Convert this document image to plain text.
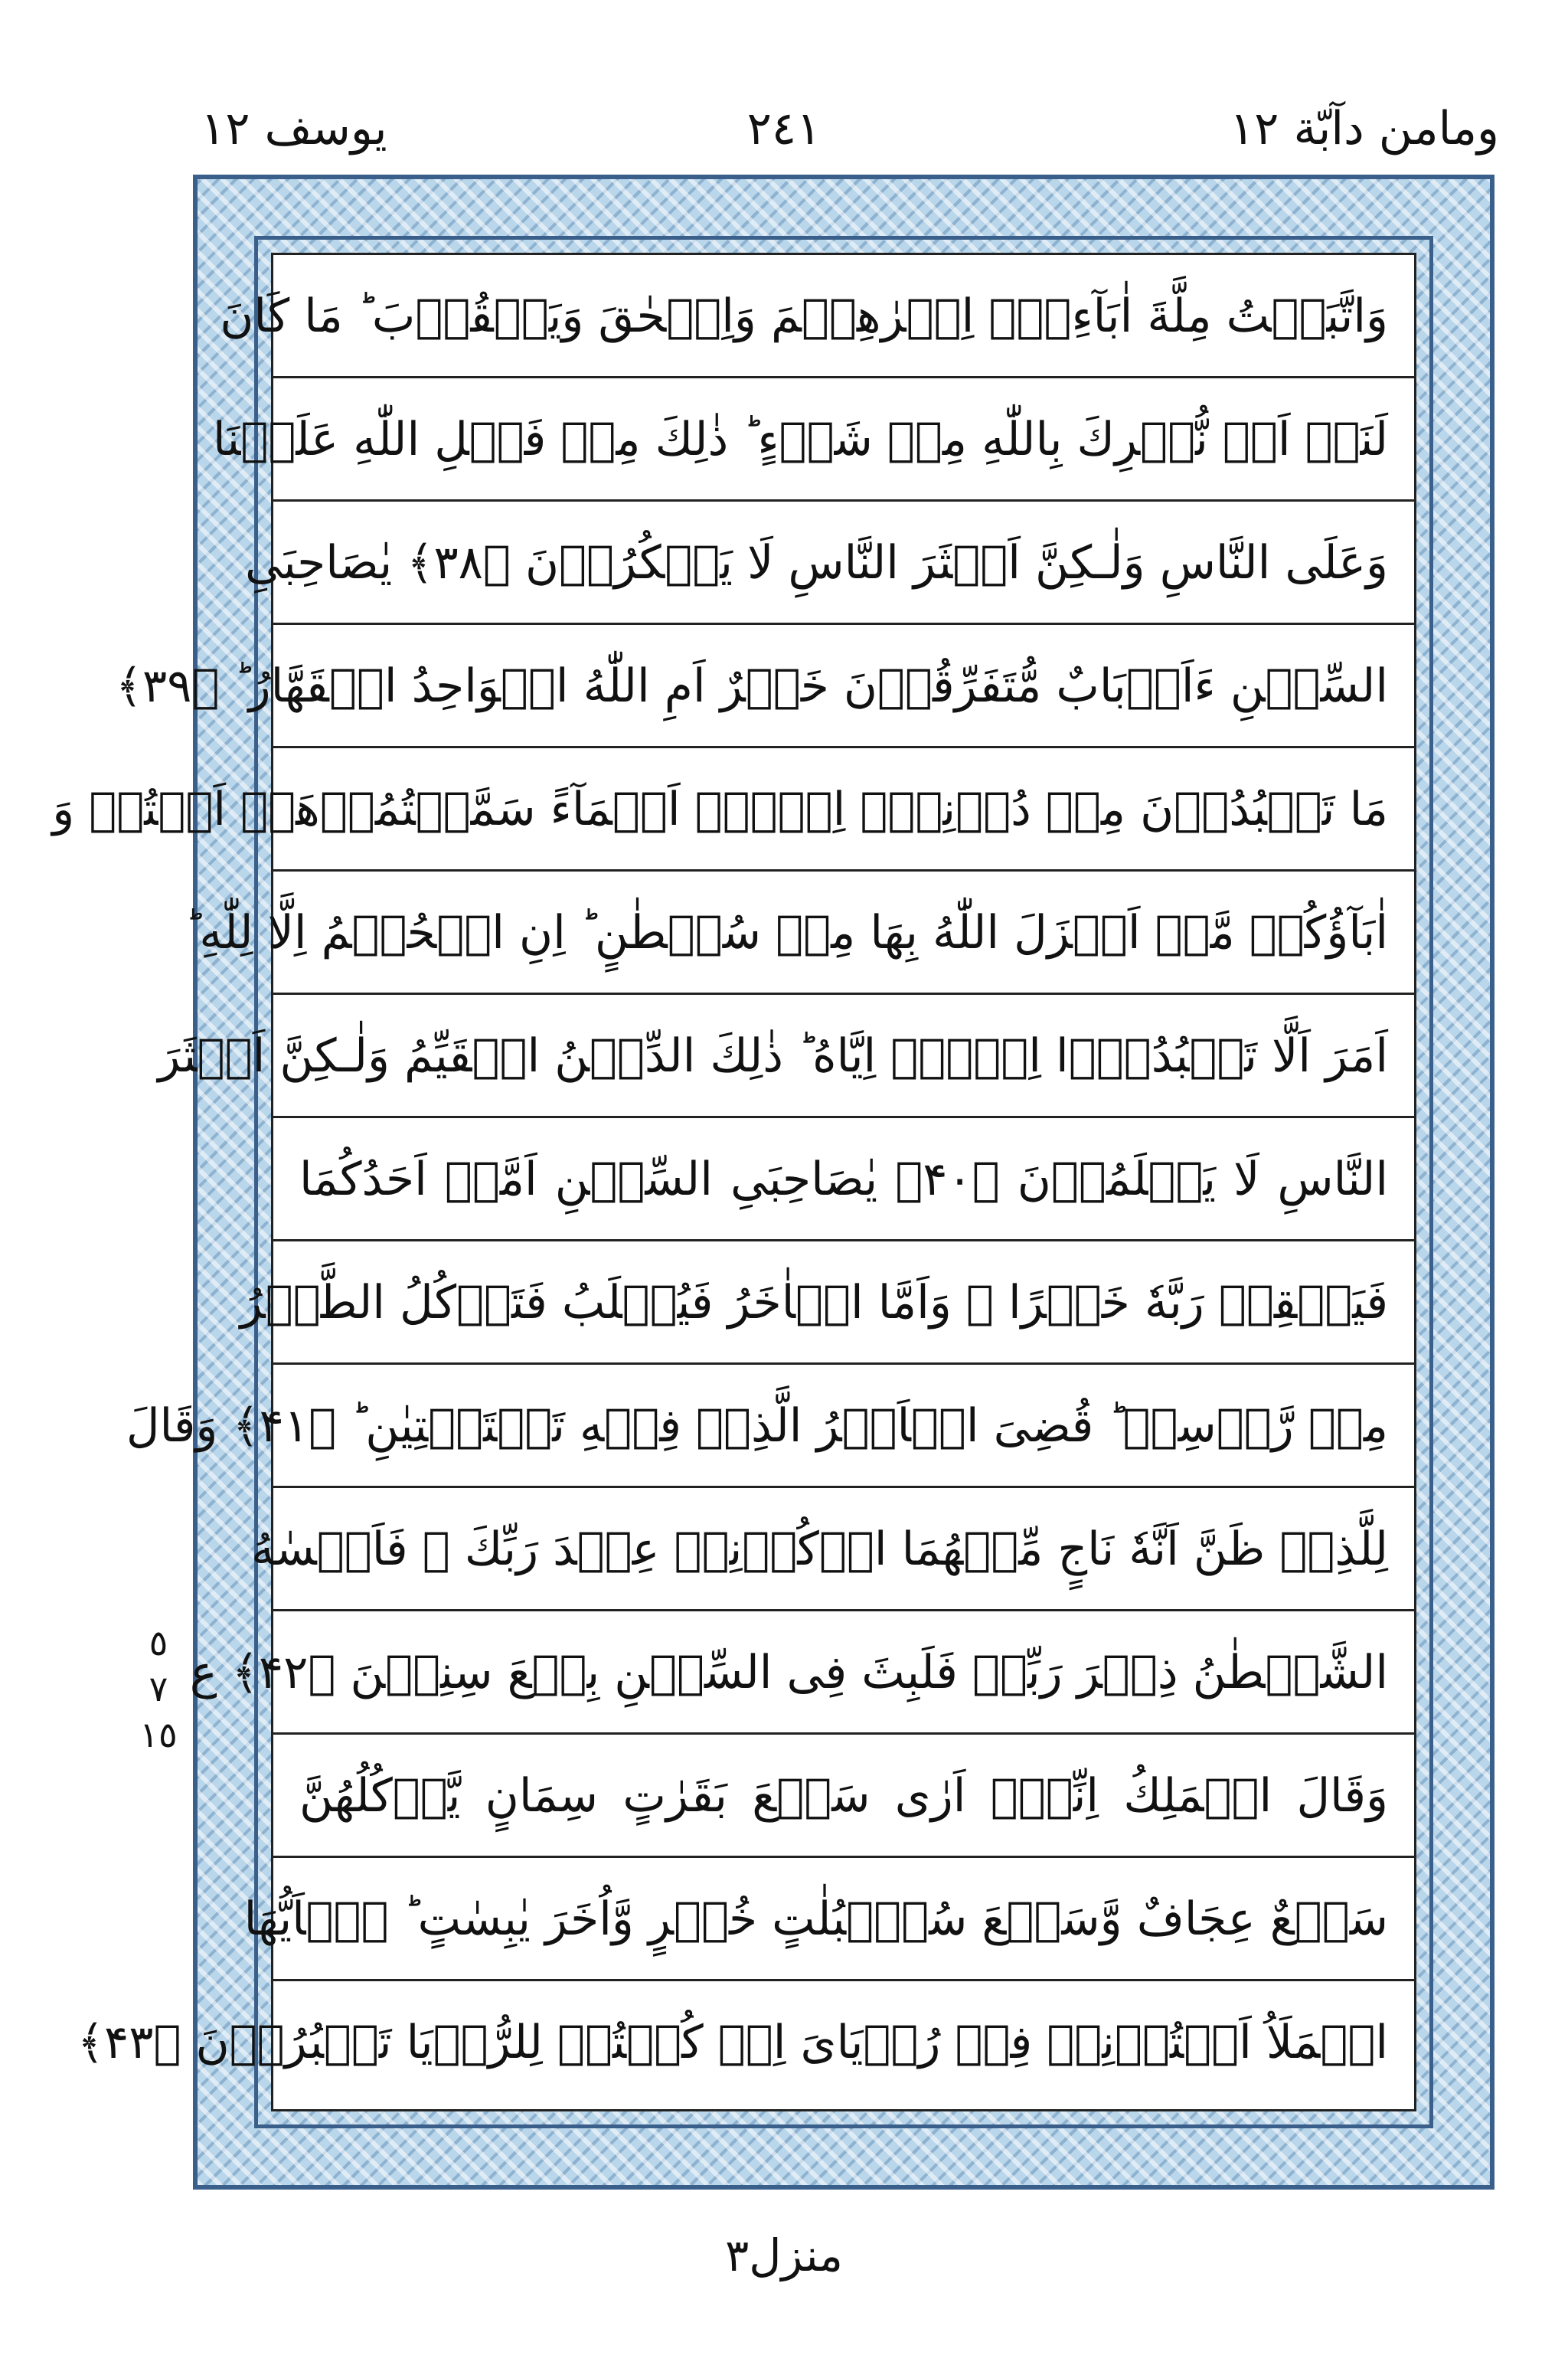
يوسف ١٢	٢٤١	ومامن دآبّة ١٢
وَاتَّبَعۡتُ مِلَّةَ اٰبَآءِیۡۤ اِبۡرٰهِیۡمَ وَاِسۡحٰقَ وَیَعۡقُوۡبَ ؕ مَا كَانَ
لَنَاۤ اَنۡ نُّشۡرِكَ بِاللّٰهِ مِنۡ شَیۡءٍ ؕ ذٰلِكَ مِنۡ فَضۡلِ اللّٰهِ عَلَیۡنَا
وَعَلَى النَّاسِ وَلٰـكِنَّ اَكۡثَرَ النَّاسِ لَا یَشۡكُرُوۡنَ ﴿۳۸﴾ یٰصَاحِبَیِ
السِّجۡنِ ءَاَرۡبَابٌ مُّتَفَرِّقُوۡنَ خَیۡرٌ اَمِ اللّٰهُ الۡوَاحِدُ الۡقَهَّارُ ؕ ﴿۳۹﴾
مَا تَعۡبُدُوۡنَ مِنۡ دُوۡنِهٖۤ اِلَّاۤ اَسۡمَآءً سَمَّیۡتُمُوۡهَاۤ اَنۡتُمۡ وَ
اٰبَآؤُكُمۡ مَّاۤ اَنۡزَلَ اللّٰهُ بِهَا مِنۡ سُلۡطٰنٍ ؕ اِنِ الۡحُكۡمُ اِلَّا لِلّٰهِ ؕ
اَمَرَ اَلَّا تَعۡبُدُوۡۤا اِلَّاۤ اِیَّاهُ ؕ ذٰلِكَ الدِّیۡنُ الۡقَیِّمُ وَلٰـكِنَّ اَكۡثَرَ
النَّاسِ لَا یَعۡلَمُوۡنَ ﴿۴۰﴾ یٰصَاحِبَیِ السِّجۡنِ اَمَّاۤ اَحَدُكُمَا
فَیَسۡقِیۡ رَبَّهٗ خَمۡرًا ۚ وَاَمَّا الۡاٰخَرُ فَیُصۡلَبُ فَتَاۡكُلُ الطَّیۡرُ
مِنۡ رَّاۡسِهٖ ؕ قُضِیَ الۡاَمۡرُ الَّذِیۡ فِیۡهِ تَسۡتَفۡتِیٰنِ ؕ ﴿۴۱﴾ وَقَالَ
لِلَّذِیۡ ظَنَّ اَنَّهٗ نَاجٍ مِّنۡهُمَا اذۡكُرۡنِیۡ عِنۡدَ رَبِّكَ ۫ فَاَنۡسٰهُ
الشَّیۡطٰنُ ذِكۡرَ رَبِّهٖ فَلَبِثَ فِی السِّجۡنِ بِضۡعَ سِنِیۡنَ ﴿۴۲﴾ ع
وَقَالَ الۡمَلِكُ اِنِّیۡۤ اَرٰی سَبۡعَ بَقَرٰتٍ سِمَانٍ یَّاۡكُلُهُنَّ
سَبۡعٌ عِجَافٌ وَّسَبۡعَ سُنۡۢبُلٰتٍ خُضۡرٍ وَّاُخَرَ یٰبِسٰتٍ ؕ یٰۤاَیُّهَا
الۡمَلَاُ اَفۡتُوۡنِیۡ فِیۡ رُءۡیَایَ اِنۡ كُنۡتُمۡ لِلرُّءۡیَا تَعۡبُرُوۡنَ ﴿۴۳﴾
٥
٧
١٥
منزل٣
